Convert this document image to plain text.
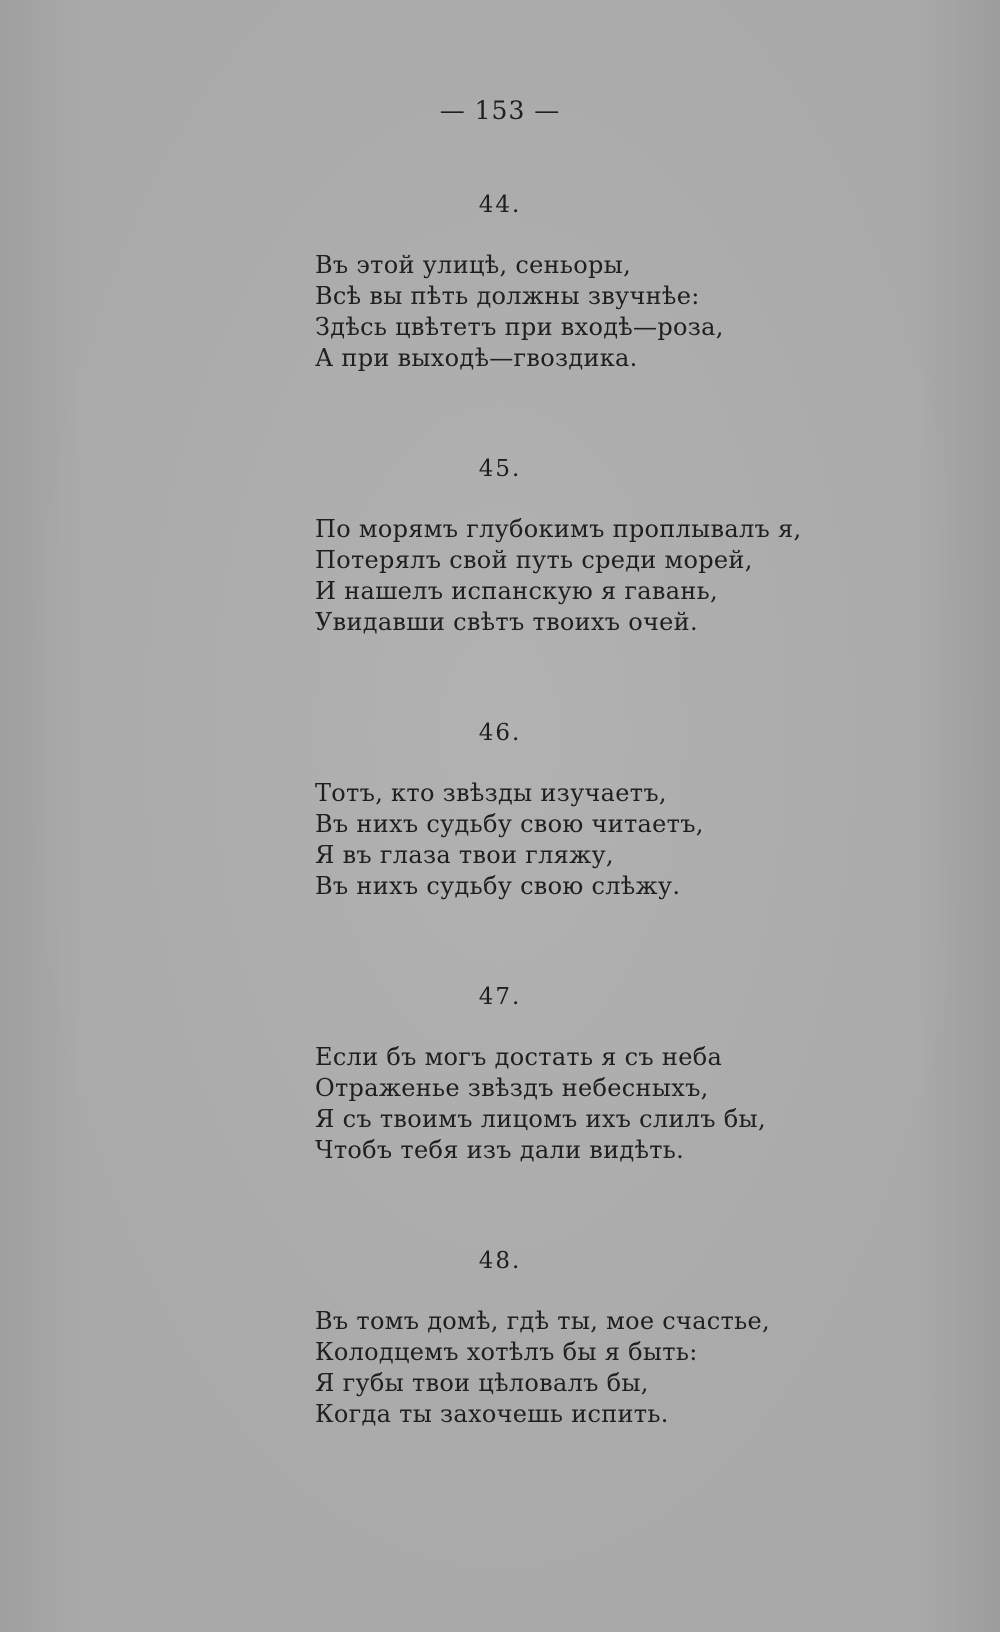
— 153 —
44.
Въ этой улицѣ, сеньоры,
Всѣ вы пѣть должны звучнѣе:
Здѣсь цвѣтетъ при входѣ—роза,
А при выходѣ—гвоздика.
45.
По морямъ глубокимъ проплывалъ я,
Потерялъ свой путь среди морей,
И нашелъ испанскую я гавань,
Увидавши свѣтъ твоихъ очей.
46.
Тотъ, кто звѣзды изучаетъ,
Въ нихъ судьбу свою читаетъ,
Я въ глаза твои гляжу,
Въ нихъ судьбу свою слѣжу.
47.
Если бъ могъ достать я съ неба
Отраженье звѣздъ небесныхъ,
Я съ твоимъ лицомъ ихъ слилъ бы,
Чтобъ тебя изъ дали видѣть.
48.
Въ томъ домѣ, гдѣ ты, мое счастье,
Колодцемъ хотѣлъ бы я быть:
Я губы твои цѣловалъ бы,
Когда ты захочешь испить.
